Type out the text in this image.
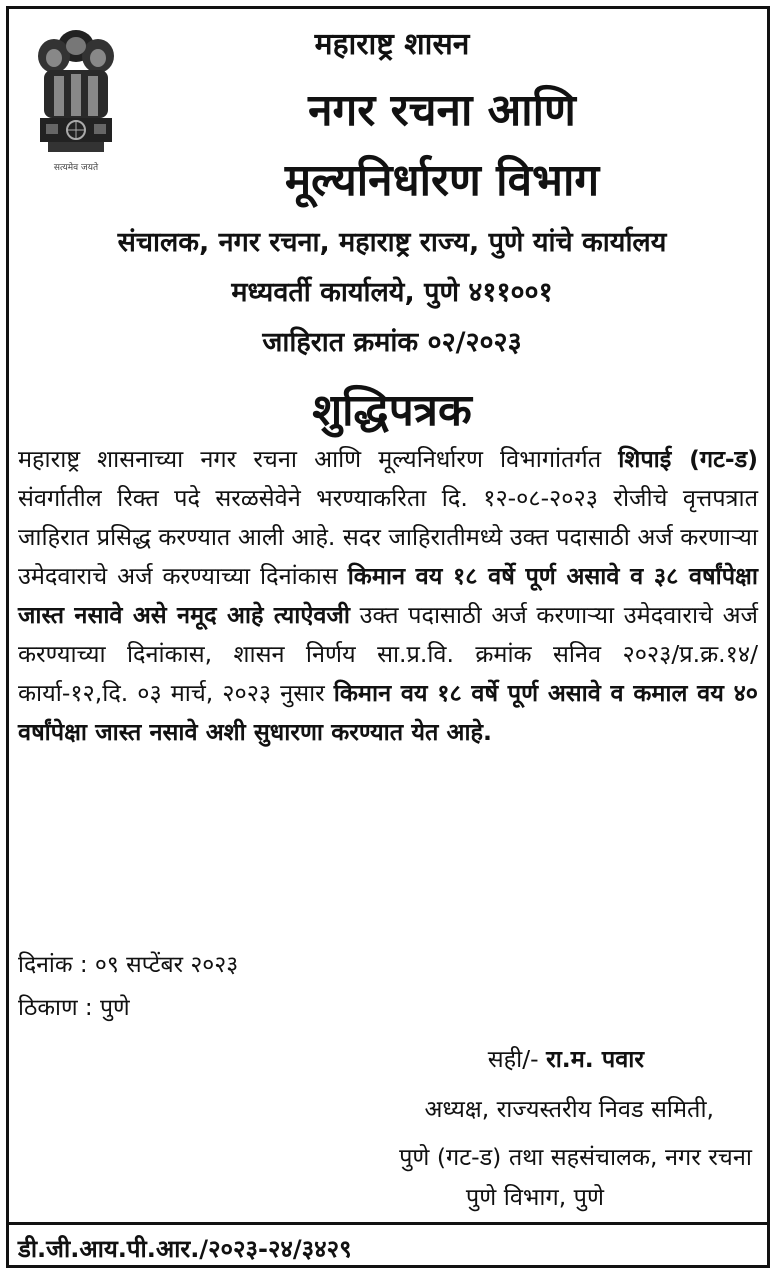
सत्यमेव जयते
महाराष्ट्र शासन
नगर रचना आणि
मूल्यनिर्धारण विभाग
संचालक, नगर रचना, महाराष्ट्र राज्य, पुणे यांचे कार्यालय
मध्यवर्ती कार्यालये, पुणे ४११००१
जाहिरात क्रमांक ०२/२०२३
शुद्धिपत्रक
महाराष्ट्र शासनाच्या नगर रचना आणि मूल्यनिर्धारण विभागांतर्गत शिपाई (गट-ड) संवर्गातील रिक्त पदे सरळसेवेने भरण्याकरिता दि. १२-०८-२०२३ रोजीचे वृत्तपत्रात जाहिरात प्रसिद्ध करण्यात आली आहे. सदर जाहिरातीमध्ये उक्त पदासाठी अर्ज करणाऱ्या उमेदवाराचे अर्ज करण्याच्या दिनांकास किमान वय १८ वर्षे पूर्ण असावे व ३८ वर्षांपेक्षा जास्त नसावे असे नमूद आहे त्याऐवजी उक्त पदासाठी अर्ज करणाऱ्या उमेदवाराचे अर्ज करण्याच्या दिनांकास, शासन निर्णय सा.प्र.वि. क्रमांक सनिव २०२३/प्र.क्र.१४/कार्या-१२,दि. ०३ मार्च, २०२३ नुसार किमान वय १८ वर्षे पूर्ण असावे व कमाल वय ४० वर्षांपेक्षा जास्त नसावे अशी सुधारणा करण्यात येत आहे.
दिनांक : ०९ सप्टेंबर २०२३
ठिकाण : पुणे
सही/- रा.म. पवार
अध्यक्ष, राज्यस्तरीय निवड समिती,
पुणे (गट-ड) तथा सहसंचालक, नगर रचना
पुणे विभाग, पुणे
डी.जी.आय.पी.आर./२०२३-२४/३४२९
